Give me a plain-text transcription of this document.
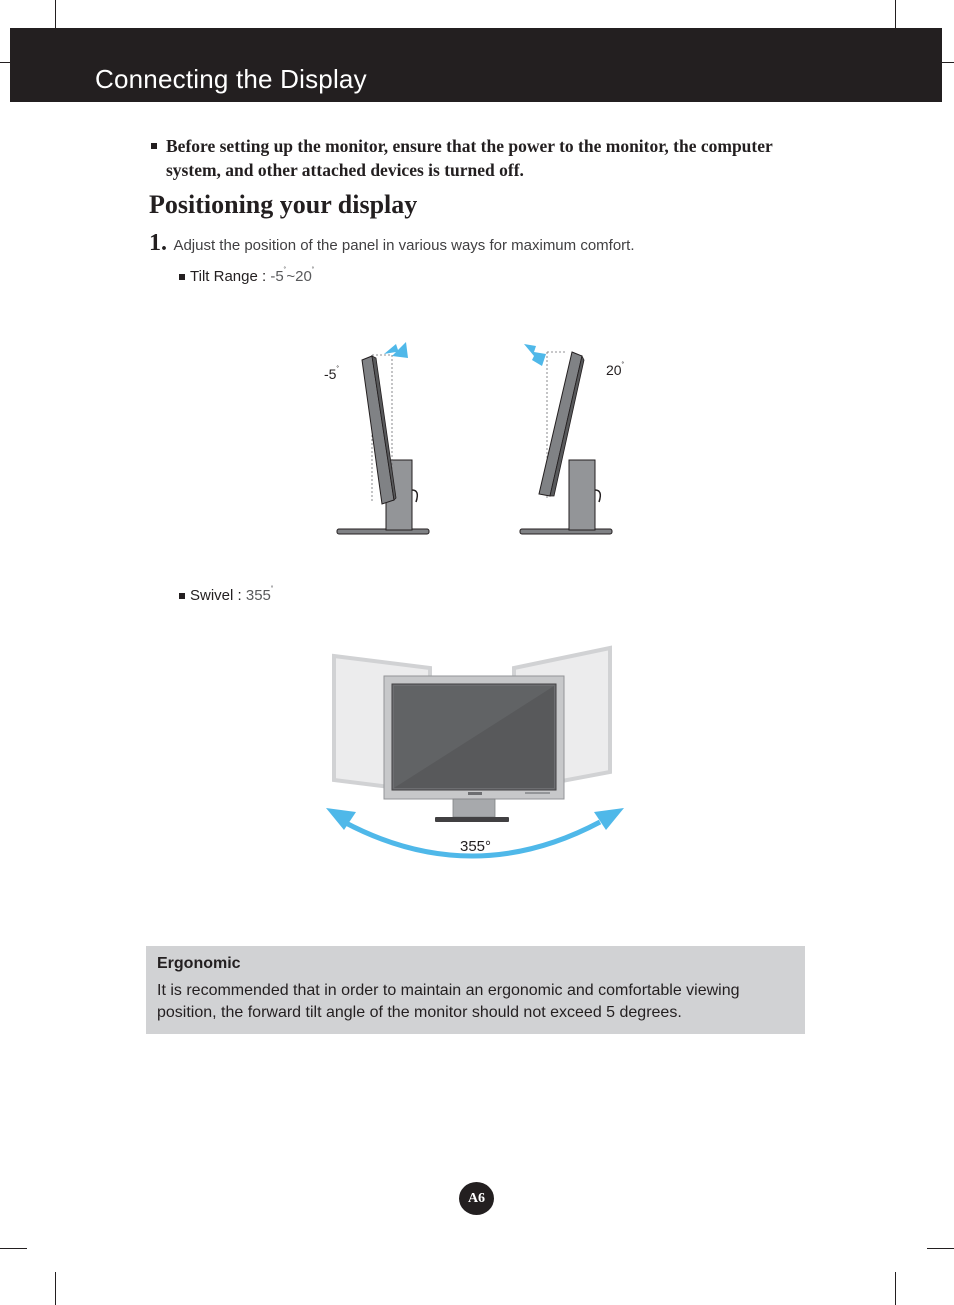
Connecting the Display
Before setting up the monitor, ensure that the power to the monitor, the computer system, and other attached devices is turned off.
Positioning your display
1. Adjust the position of the panel in various ways for maximum comfort.
Tilt Range : -5˚~20˚
-5˚	20˚
Swivel : 355˚
355°
Ergonomic

It is recommended that in order to maintain an ergonomic and comfortable viewing position, the forward tilt angle of the monitor should not exceed 5 degrees.

A6
